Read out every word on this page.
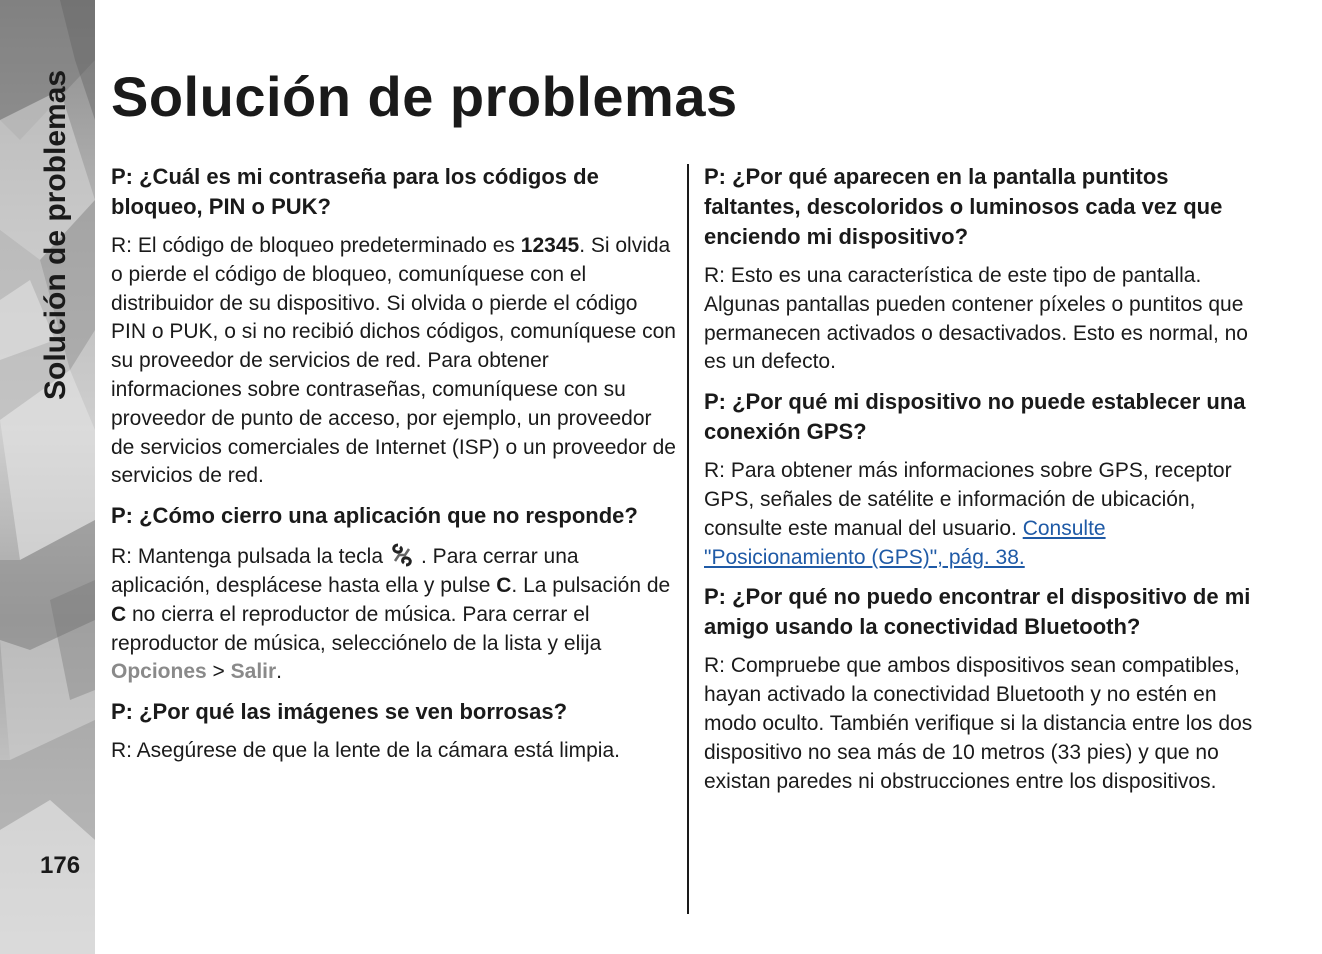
Solución de problemas
176
Solución de problemas

P: ¿Cuál es mi contraseña para los códigos de bloqueo, PIN o PUK?

R: El código de bloqueo predeterminado es 12345. Si olvida o pierde el código de bloqueo, comuníquese con el distribuidor de su dispositivo. Si olvida o pierde el código PIN o PUK, o si no recibió dichos códigos, comuníquese con su proveedor de servicios de red. Para obtener informaciones sobre contraseñas, comuníquese con su proveedor de punto de acceso, por ejemplo, un proveedor de servicios comerciales de Internet (ISP) o un proveedor de servicios de red.

P: ¿Cómo cierro una aplicación que no responde?

R: Mantenga pulsada la tecla . Para cerrar una aplicación, desplácese hasta ella y pulse C. La pulsación de C no cierra el reproductor de música. Para cerrar el reproductor de música, selecciónelo de la lista y elija Opciones > Salir.

P: ¿Por qué las imágenes se ven borrosas?

R: Asegúrese de que la lente de la cámara está limpia.

P: ¿Por qué aparecen en la pantalla puntitos faltantes, descoloridos o luminosos cada vez que enciendo mi dispositivo?

R: Esto es una característica de este tipo de pantalla. Algunas pantallas pueden contener píxeles o puntitos que permanecen activados o desactivados. Esto es normal, no es un defecto.

P: ¿Por qué mi dispositivo no puede establecer una conexión GPS?

R: Para obtener más informaciones sobre GPS, receptor GPS, señales de satélite e información de ubicación, consulte este manual del usuario. Consulte "Posicionamiento (GPS)", pág. 38.

P: ¿Por qué no puedo encontrar el dispositivo de mi amigo usando la conectividad Bluetooth?

R: Compruebe que ambos dispositivos sean compatibles, hayan activado la conectividad Bluetooth y no estén en modo oculto. También verifique si la distancia entre los dos dispositivo no sea más de 10 metros (33 pies) y que no existan paredes ni obstrucciones entre los dispositivos.
